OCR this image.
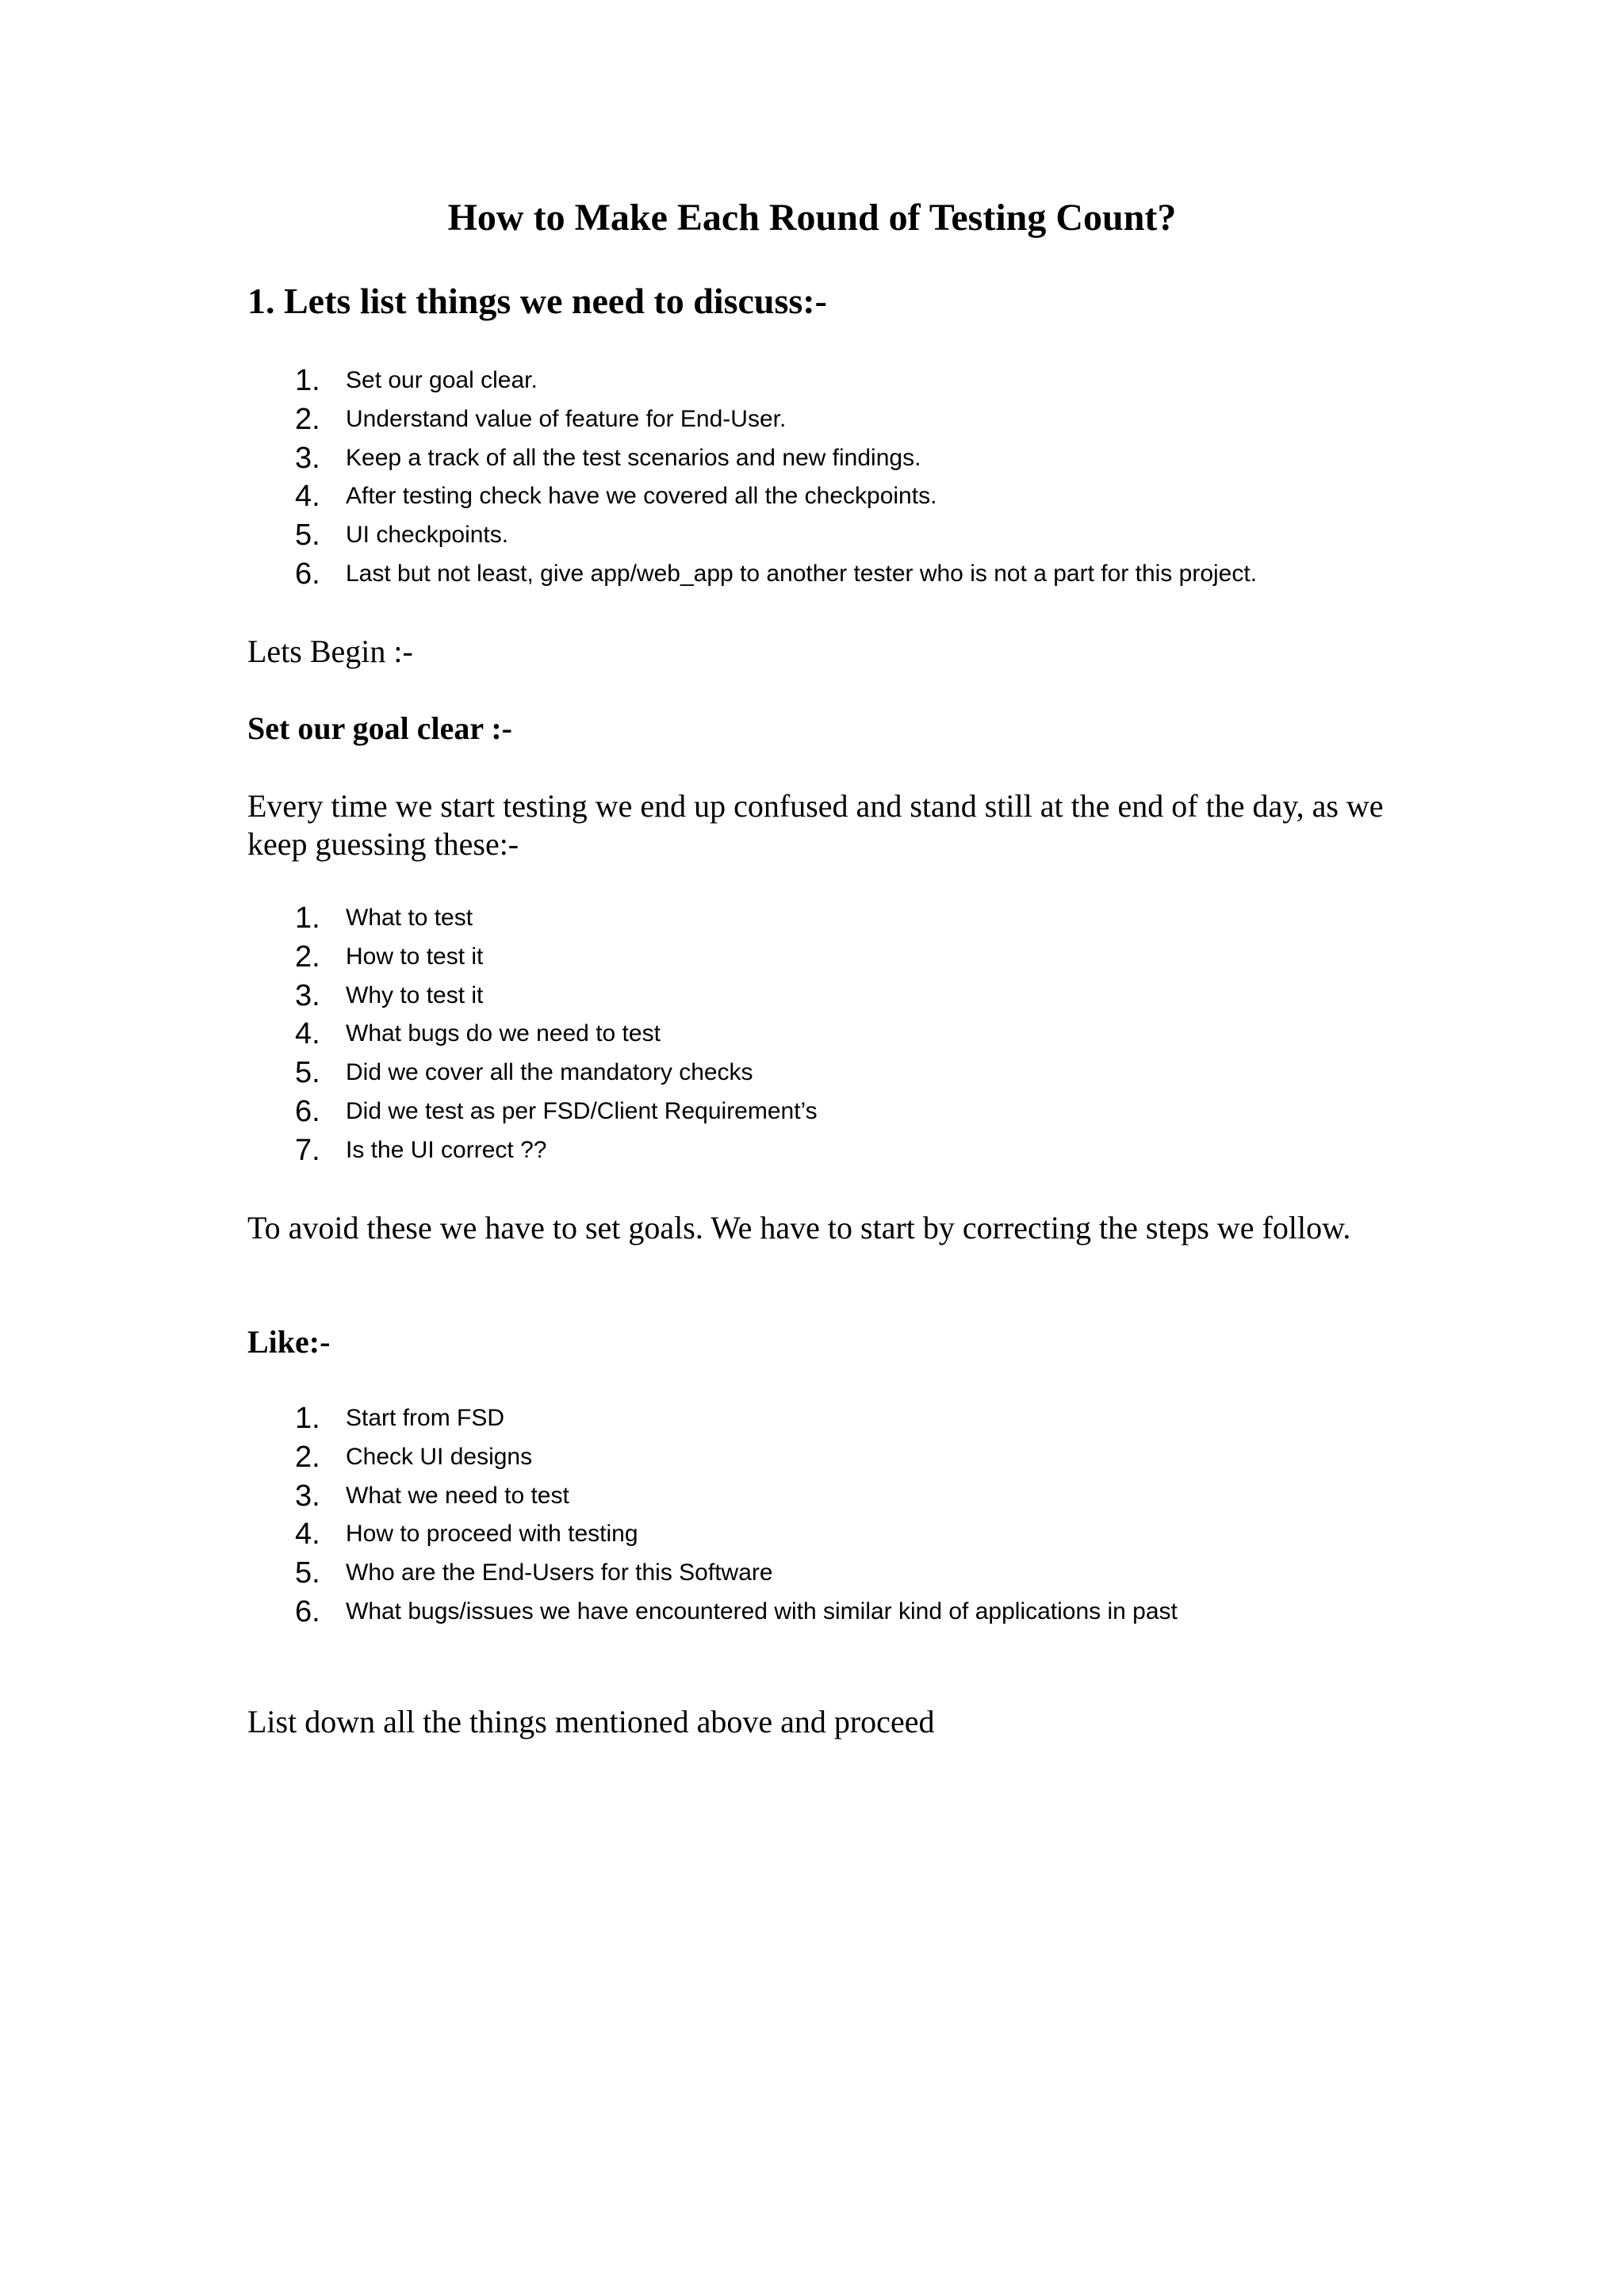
How to Make Each Round of Testing Count?
1. Lets list things we need to discuss:-
1.	Set our goal clear.
2.	Understand value of feature for End-User.
3.	Keep a track of all the test scenarios and new findings.
4.	After testing check have we covered all the checkpoints.
5.	UI checkpoints.
6.	Last but not least, give app/web_app to another tester who is not a part for this project.
Lets Begin :-
Set our goal clear :-
Every time we start testing we end up confused and stand still at the end of the day, as we keep guessing these:-
1.	What to test
2.	How to test it
3.	Why to test it
4.	What bugs do we need to test
5.	Did we cover all the mandatory checks
6.	Did we test as per FSD/Client Requirement’s
7.	Is the UI correct ??
To avoid these we have to set goals. We have to start by correcting the steps we follow.
Like:-
1.	Start from FSD
2.	Check UI designs
3.	What we need to test
4.	How to proceed with testing
5.	Who are the End-Users for this Software
6.	What bugs/issues we have encountered with similar kind of applications in past
List down all the things mentioned above and proceed
